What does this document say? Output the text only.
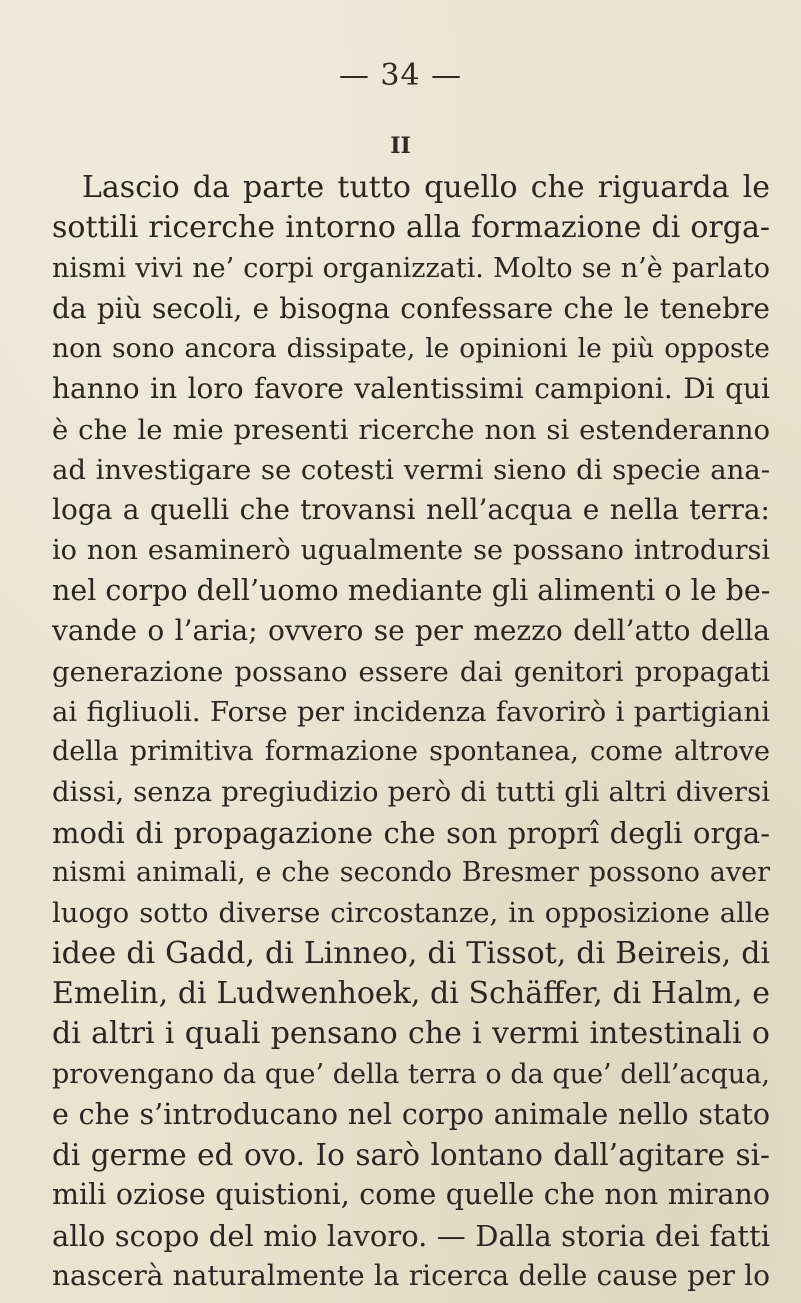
— 34 —
II
Lascio da parte tutto quello che riguarda le
sottili ricerche intorno alla formazione di orga-
nismi vivi ne’ corpi organizzati. Molto se n’è parlato
da più secoli, e bisogna confessare che le tenebre
non sono ancora dissipate, le opinioni le più opposte
hanno in loro favore valentissimi campioni. Di qui
è che le mie presenti ricerche non si estenderanno
ad investigare se cotesti vermi sieno di specie ana-
loga a quelli che trovansi nell’acqua e nella terra:
io non esaminerò ugualmente se possano introdursi
nel corpo dell’uomo mediante gli alimenti o le be-
vande o l’aria; ovvero se per mezzo dell’atto della
generazione possano essere dai genitori propagati
ai figliuoli. Forse per incidenza favorirò i partigiani
della primitiva formazione spontanea, come altrove
dissi, senza pregiudizio però di tutti gli altri diversi
modi di propagazione che son proprî degli orga-
nismi animali, e che secondo Bresmer possono aver
luogo sotto diverse circostanze, in opposizione alle
idee di Gadd, di Linneo, di Tissot, di Beireis, di
Emelin, di Ludwenhoek, di Schäffer, di Halm, e
di altri i quali pensano che i vermi intestinali o
provengano da que’ della terra o da que’ dell’acqua,
e che s’introducano nel corpo animale nello stato
di germe ed ovo. Io sarò lontano dall’agitare si-
mili oziose quistioni, come quelle che non mirano
allo scopo del mio lavoro. — Dalla storia dei fatti
nascerà naturalmente la ricerca delle cause per lo
